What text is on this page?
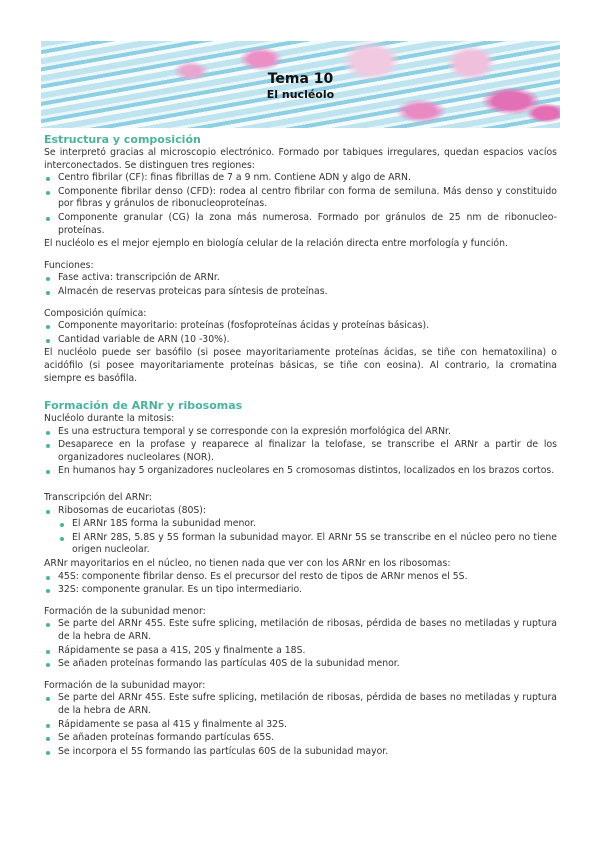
Tema 10
El nucléolo
Estructura y composición

Se interpretó gracias al microscopio electrónico. Formado por tabiques irregulares, quedan espacios vacíos interconectados. Se distinguen tres regiones:

Centro fibrilar (CF): finas fibrillas de 7 a 9 nm. Contiene ADN y algo de ARN.
Componente fibrilar denso (CFD): rodea al centro fibrilar con forma de semiluna. Más denso y constituido por fibras y gránulos de ribonucleoproteínas.
Componente granular (CG) la zona más numerosa. Formado por gránulos de 25 nm de ribonucleo-proteínas.

El nucléolo es el mejor ejemplo en biología celular de la relación directa entre morfología y función.

Funciones:

Fase activa: transcripción de ARNr.
Almacén de reservas proteicas para síntesis de proteínas.

Composición química:

Componente mayoritario: proteínas (fosfoproteínas ácidas y proteínas básicas).
Cantidad variable de ARN (10 -30%).

El nucléolo puede ser basófilo (si posee mayoritariamente proteínas ácidas, se tiñe con hematoxilina) o acidófilo (si posee mayoritariamente proteínas básicas, se tiñe con eosina). Al contrario, la cromatina siempre es basófila.

Formación de ARNr y ribosomas

Nucléolo durante la mitosis:

Es una estructura temporal y se corresponde con la expresión morfológica del ARNr.
Desaparece en la profase y reaparece al finalizar la telofase, se transcribe el ARNr a partir de los organizadores nucleolares (NOR).
En humanos hay 5 organizadores nucleolares en 5 cromosomas distintos, localizados en los brazos cortos.

Transcripción del ARNr:

Ribosomas de eucariotas (80S):
El ARNr 18S forma la subunidad menor.
El ARNr 28S, 5.8S y 5S forman la subunidad mayor. El ARNr 5S se transcribe en el núcleo pero no tiene origen nucleolar.

ARNr mayoritarios en el núcleo, no tienen nada que ver con los ARNr en los ribosomas:

45S: componente fibrilar denso. Es el precursor del resto de tipos de ARNr menos el 5S.
32S: componente granular. Es un tipo intermediario.

Formación de la subunidad menor:

Se parte del ARNr 45S. Este sufre splicing, metilación de ribosas, pérdida de bases no metiladas y ruptura de la hebra de ARN.
Rápidamente se pasa a 41S, 20S y finalmente a 18S.
Se añaden proteínas formando las partículas 40S de la subunidad menor.

Formación de la subunidad mayor:

Se parte del ARNr 45S. Este sufre splicing, metilación de ribosas, pérdida de bases no metiladas y ruptura de la hebra de ARN.
Rápidamente se pasa al 41S y finalmente al 32S.
Se añaden proteínas formando partículas 65S.
Se incorpora el 5S formando las partículas 60S de la subunidad mayor.
